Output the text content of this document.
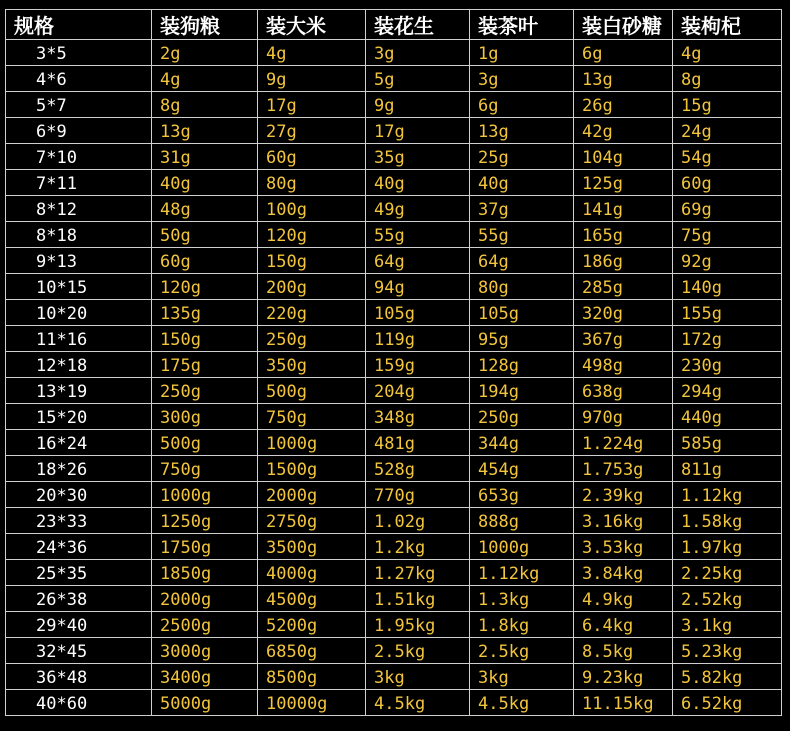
规格	装狗粮	装大米	装花生	装茶叶	装白砂糖	装枸杞
3*5	2g	4g	3g	1g	6g	4g
4*6	4g	9g	5g	3g	13g	8g
5*7	8g	17g	9g	6g	26g	15g
6*9	13g	27g	17g	13g	42g	24g
7*10	31g	60g	35g	25g	104g	54g
7*11	40g	80g	40g	40g	125g	60g
8*12	48g	100g	49g	37g	141g	69g
8*18	50g	120g	55g	55g	165g	75g
9*13	60g	150g	64g	64g	186g	92g
10*15	120g	200g	94g	80g	285g	140g
10*20	135g	220g	105g	105g	320g	155g
11*16	150g	250g	119g	95g	367g	172g
12*18	175g	350g	159g	128g	498g	230g
13*19	250g	500g	204g	194g	638g	294g
15*20	300g	750g	348g	250g	970g	440g
16*24	500g	1000g	481g	344g	1.224g	585g
18*26	750g	1500g	528g	454g	1.753g	811g
20*30	1000g	2000g	770g	653g	2.39kg	1.12kg
23*33	1250g	2750g	1.02g	888g	3.16kg	1.58kg
24*36	1750g	3500g	1.2kg	1000g	3.53kg	1.97kg
25*35	1850g	4000g	1.27kg	1.12kg	3.84kg	2.25kg
26*38	2000g	4500g	1.51kg	1.3kg	4.9kg	2.52kg
29*40	2500g	5200g	1.95kg	1.8kg	6.4kg	3.1kg
32*45	3000g	6850g	2.5kg	2.5kg	8.5kg	5.23kg
36*48	3400g	8500g	3kg	3kg	9.23kg	5.82kg
40*60	5000g	10000g	4.5kg	4.5kg	11.15kg	6.52kg
